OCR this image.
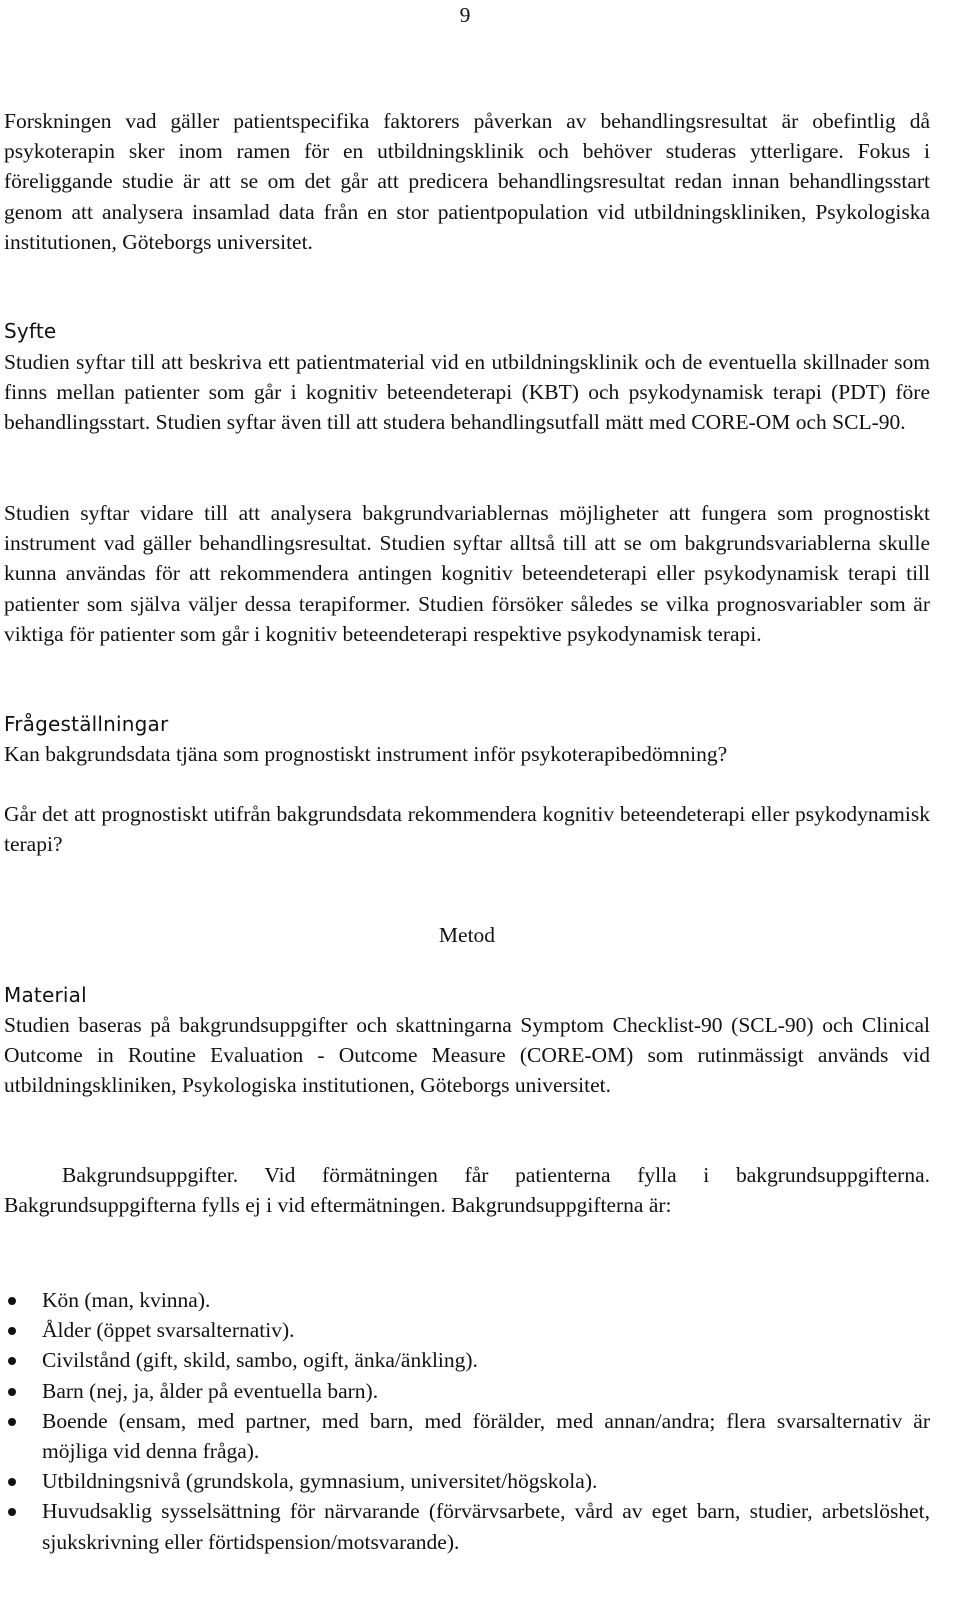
9

Forskningen vad gäller patientspecifika faktorers påverkan av behandlingsresultat är obefintlig då psykoterapin sker inom ramen för en utbildningsklinik och behöver studeras ytterligare. Fokus i föreliggande studie är att se om det går att predicera behandlingsresultat redan innan behandlingsstart genom att analysera insamlad data från en stor patientpopulation vid utbildningskliniken, Psykologiska institutionen, Göteborgs universitet.

Syfte

Studien syftar till att beskriva ett patientmaterial vid en utbildningsklinik och de eventuella skillnader som finns mellan patienter som går i kognitiv beteendeterapi (KBT) och psykodynamisk terapi (PDT) före behandlingsstart. Studien syftar även till att studera behandlingsutfall mätt med CORE-OM och SCL-90.

Studien syftar vidare till att analysera bakgrundvariablernas möjligheter att fungera som prognostiskt instrument vad gäller behandlingsresultat. Studien syftar alltså till att se om bakgrundsvariablerna skulle kunna användas för att rekommendera antingen kognitiv beteendeterapi eller psykodynamisk terapi till patienter som själva väljer dessa terapiformer. Studien försöker således se vilka prognosvariabler som är viktiga för patienter som går i kognitiv beteendeterapi respektive psykodynamisk terapi.

Frågeställningar

Kan bakgrundsdata tjäna som prognostiskt instrument inför psykoterapibedömning?

Går det att prognostiskt utifrån bakgrundsdata rekommendera kognitiv beteendeterapi eller psykodynamisk terapi?

Metod
Material

Studien baseras på bakgrundsuppgifter och skattningarna Symptom Checklist-90 (SCL-90) och Clinical Outcome in Routine Evaluation - Outcome Measure (CORE-OM) som rutinmässigt används vid utbildningskliniken, Psykologiska institutionen, Göteborgs universitet.

Bakgrundsuppgifter. Vid förmätningen får patienterna fylla i bakgrundsuppgifterna. Bakgrundsuppgifterna fylls ej i vid eftermätningen. Bakgrundsuppgifterna är:

Kön (man, kvinna).
Ålder (öppet svarsalternativ).
Civilstånd (gift, skild, sambo, ogift, änka/änkling).
Barn (nej, ja, ålder på eventuella barn).
Boende (ensam, med partner, med barn, med förälder, med annan/andra; flera svarsalternativ är möjliga vid denna fråga).
Utbildningsnivå (grundskola, gymnasium, universitet/högskola).
Huvudsaklig sysselsättning för närvarande (förvärvsarbete, vård av eget barn, studier, arbetslöshet, sjukskrivning eller förtidspension/motsvarande).
